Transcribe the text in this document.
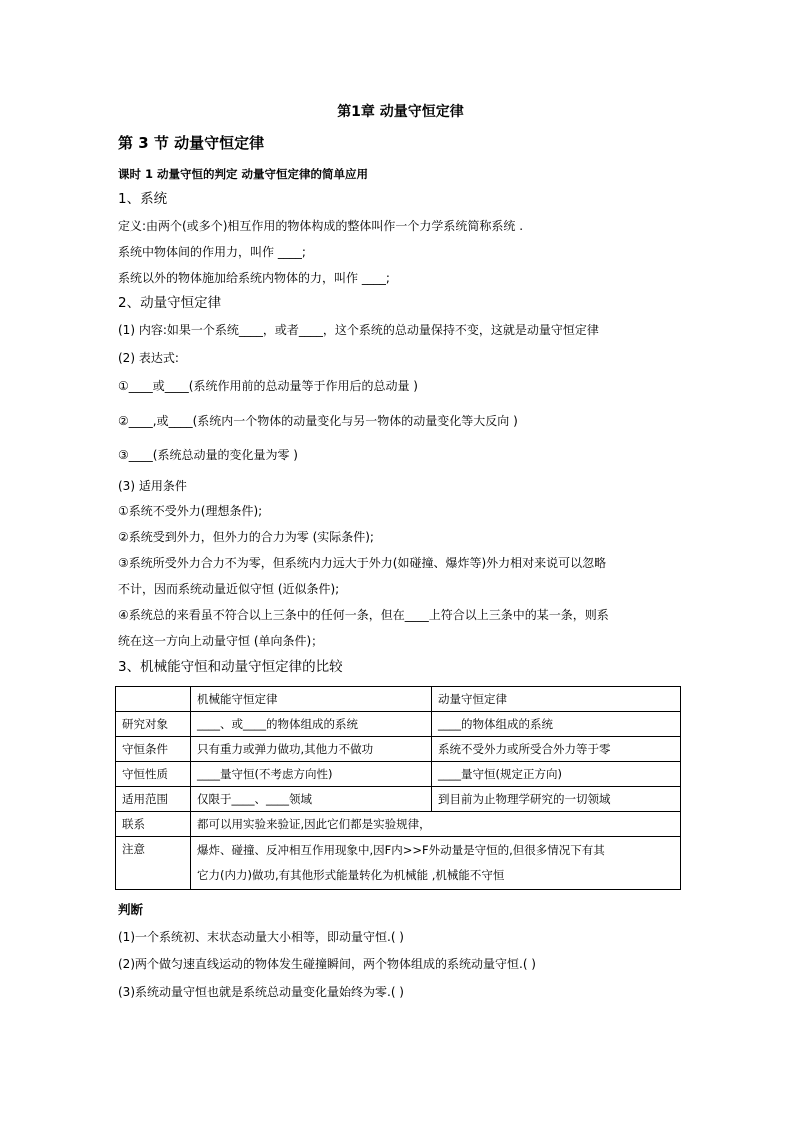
第1章 动量守恒定律
第 3 节 动量守恒定律
课时 1 动量守恒的判定 动量守恒定律的简单应用
1、系统
定义:由两个(或多个)相互作用的物体构成的整体叫作一个力学系统简称系统 .
系统中物体间的作用力，叫作 ____;
系统以外的物体施加给系统内物体的力，叫作 ____;
2、动量守恒定律
(1) 内容:如果一个系统____，或者____，这个系统的总动量保持不变，这就是动量守恒定律
(2) 表达式:
①____或____(系统作用前的总动量等于作用后的总动量 )
②____,或____(系统内一个物体的动量变化与另一物体的动量变化等大反向 )
③____(系统总动量的变化量为零 )
(3) 适用条件
①系统不受外力(理想条件);
②系统受到外力，但外力的合力为零 (实际条件);
③系统所受外力合力不为零，但系统内力远大于外力(如碰撞、爆炸等)外力相对来说可以忽略
不计，因而系统动量近似守恒 (近似条件);
④系统总的来看虽不符合以上三条中的任何一条，但在____上符合以上三条中的某一条，则系
统在这一方向上动量守恒 (单向条件)；
3、机械能守恒和动量守恒定律的比较
	机械能守恒定律	动量守恒定律
研究对象	____、或____的物体组成的系统	____的物体组成的系统
守恒条件	只有重力或弹力做功,其他力不做功	系统不受外力或所受合外力等于零
守恒性质	____量守恒(不考虑方向性)	____量守恒(规定正方向)
适用范围	仅限于____、____领域	到目前为止物理学研究的一切领域
联系	都可以用实验来验证,因此它们都是实验规律，	
注意	爆炸、碰撞、反冲相互作用现象中,因F内>>F外动量是守恒的,但很多情况下有其
它力(内力)做功,有其他形式能量转化为机械能 ,机械能不守恒	
判断
(1)一个系统初、末状态动量大小相等，即动量守恒.( )
(2)两个做匀速直线运动的物体发生碰撞瞬间，两个物体组成的系统动量守恒.( )
(3)系统动量守恒也就是系统总动量变化量始终为零.( )
